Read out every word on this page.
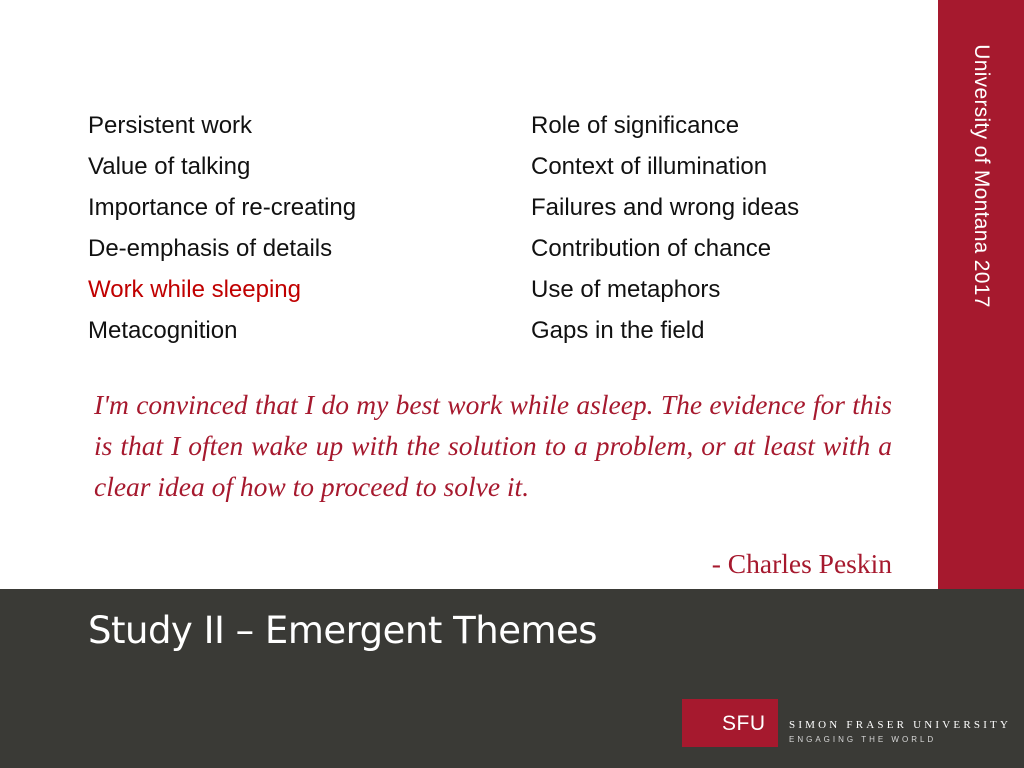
University of Montana 2017
Persistent work
Value of talking
Importance of re-creating
De-emphasis of details
Work while sleeping
Metacognition
Role of significance
Context of illumination
Failures and wrong ideas
Contribution of chance
Use of metaphors
Gaps in the field

I'm convinced that I do my best work while asleep. The evidence for this is that I often wake up with the solution to a problem, or at least with a clear idea of how to proceed to solve it.

- Charles Peskin
Study II – Emergent Themes
SFU SIMON FRASER UNIVERSITY
ENGAGING THE WORLD
